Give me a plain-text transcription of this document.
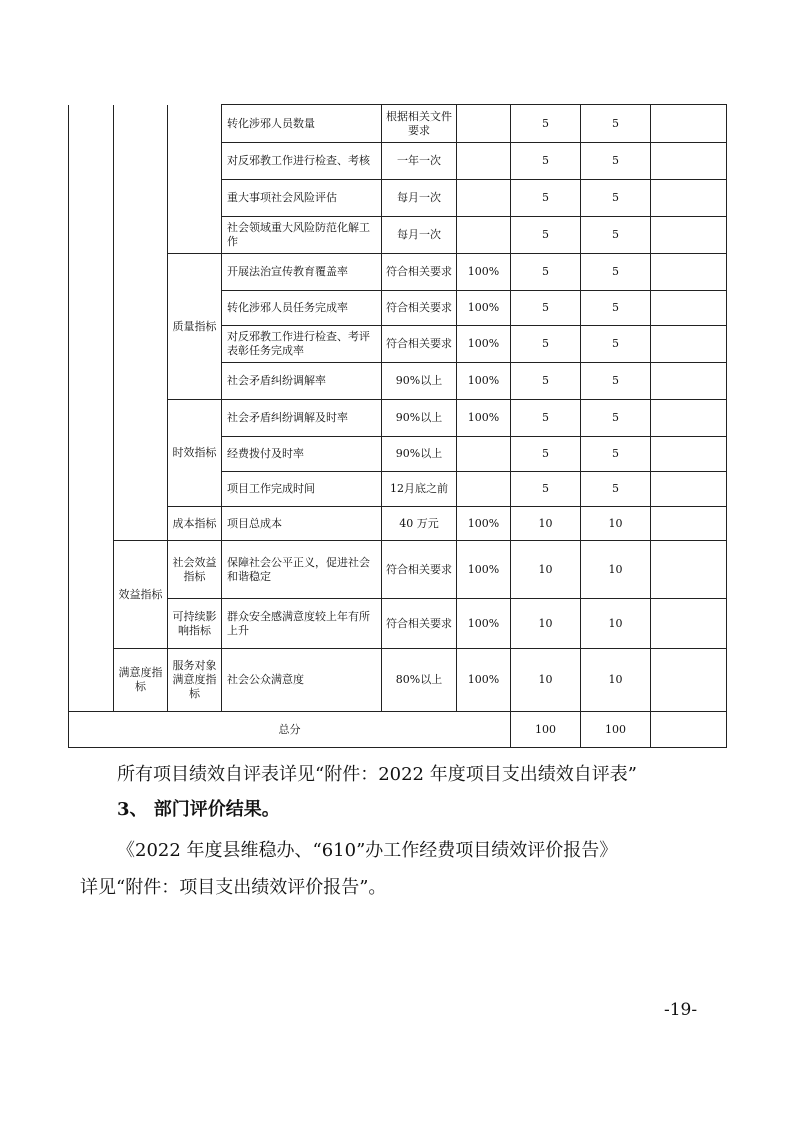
			转化涉邪人员数量	根据相关文件要求		5	5	
			对反邪教工作进行检查、考核	一年一次		5	5	
			重大事项社会风险评估	每月一次		5	5	
			社会领域重大风险防范化解工作	每月一次		5	5	
		质量指标	开展法治宣传教育覆盖率	符合相关要求	100%	5	5	
			转化涉邪人员任务完成率	符合相关要求	100%	5	5	
			对反邪教工作进行检查、考评表彰任务完成率	符合相关要求	100%	5	5	
			社会矛盾纠纷调解率	90%以上	100%	5	5	
		时效指标	社会矛盾纠纷调解及时率	90%以上	100%	5	5	
			经费拨付及时率	90%以上		5	5	
			项目工作完成时间	12月底之前		5	5	
		成本指标	项目总成本	40 万元	100%	10	10	
	效益指标	社会效益指标	保障社会公平正义，促进社会和谐稳定	符合相关要求	100%	10	10	
		可持续影响指标	群众安全感满意度较上年有所上升	符合相关要求	100%	10	10	
	满意度指标	服务对象满意度指标	社会公众满意度	80%以上	100%	10	10	
总分						100	100	
所有项目绩效自评表详见“附件：2022 年度项目支出绩效自评表”
3、 部门评价结果。
《2022 年度县维稳办、“610”办工作经费项目绩效评价报告》
详见“附件：项目支出绩效评价报告”。
-19-
